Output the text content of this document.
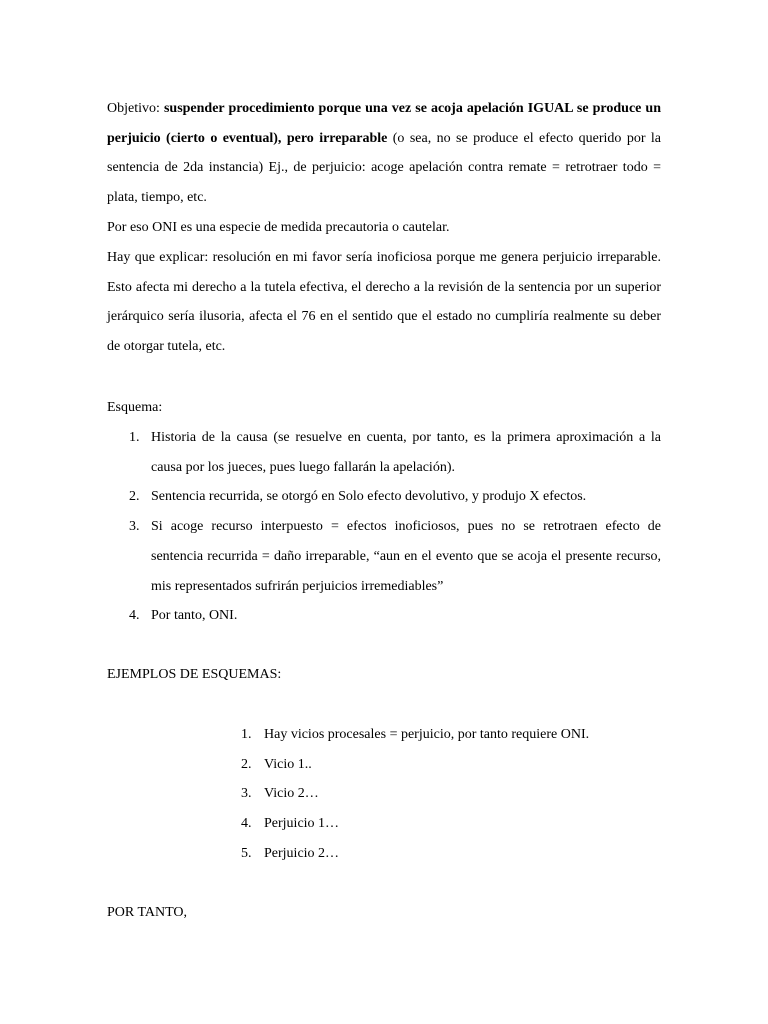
Objetivo: suspender procedimiento porque una vez se acoja apelación IGUAL se produce un perjuicio (cierto o eventual), pero irreparable (o sea, no se produce el efecto querido por la sentencia de 2da instancia) Ej., de perjuicio: acoge apelación contra remate = retrotraer todo = plata, tiempo, etc.

Por eso ONI es una especie de medida precautoria o cautelar.

Hay que explicar: resolución en mi favor sería inoficiosa porque me genera perjuicio irreparable. Esto afecta mi derecho a la tutela efectiva, el derecho a la revisión de la sentencia por un superior jerárquico sería ilusoria, afecta el 76 en el sentido que el estado no cumpliría realmente su deber de otorgar tutela, etc.

Esquema:

1. Historia de la causa (se resuelve en cuenta, por tanto, es la primera aproximación a la causa por los jueces, pues luego fallarán la apelación).
2. Sentencia recurrida, se otorgó en Solo efecto devolutivo, y produjo X efectos.
3. Si acoge recurso interpuesto = efectos inoficiosos, pues no se retrotraen efecto de sentencia recurrida = daño irreparable, “aun en el evento que se acoja el presente recurso, mis representados sufrirán perjuicios irremediables”
4. Por tanto, ONI.

EJEMPLOS DE ESQUEMAS:

1. Hay vicios procesales = perjuicio, por tanto requiere ONI.
2. Vicio 1..
3. Vicio 2…
4. Perjuicio 1…
5. Perjuicio 2…

POR TANTO,
